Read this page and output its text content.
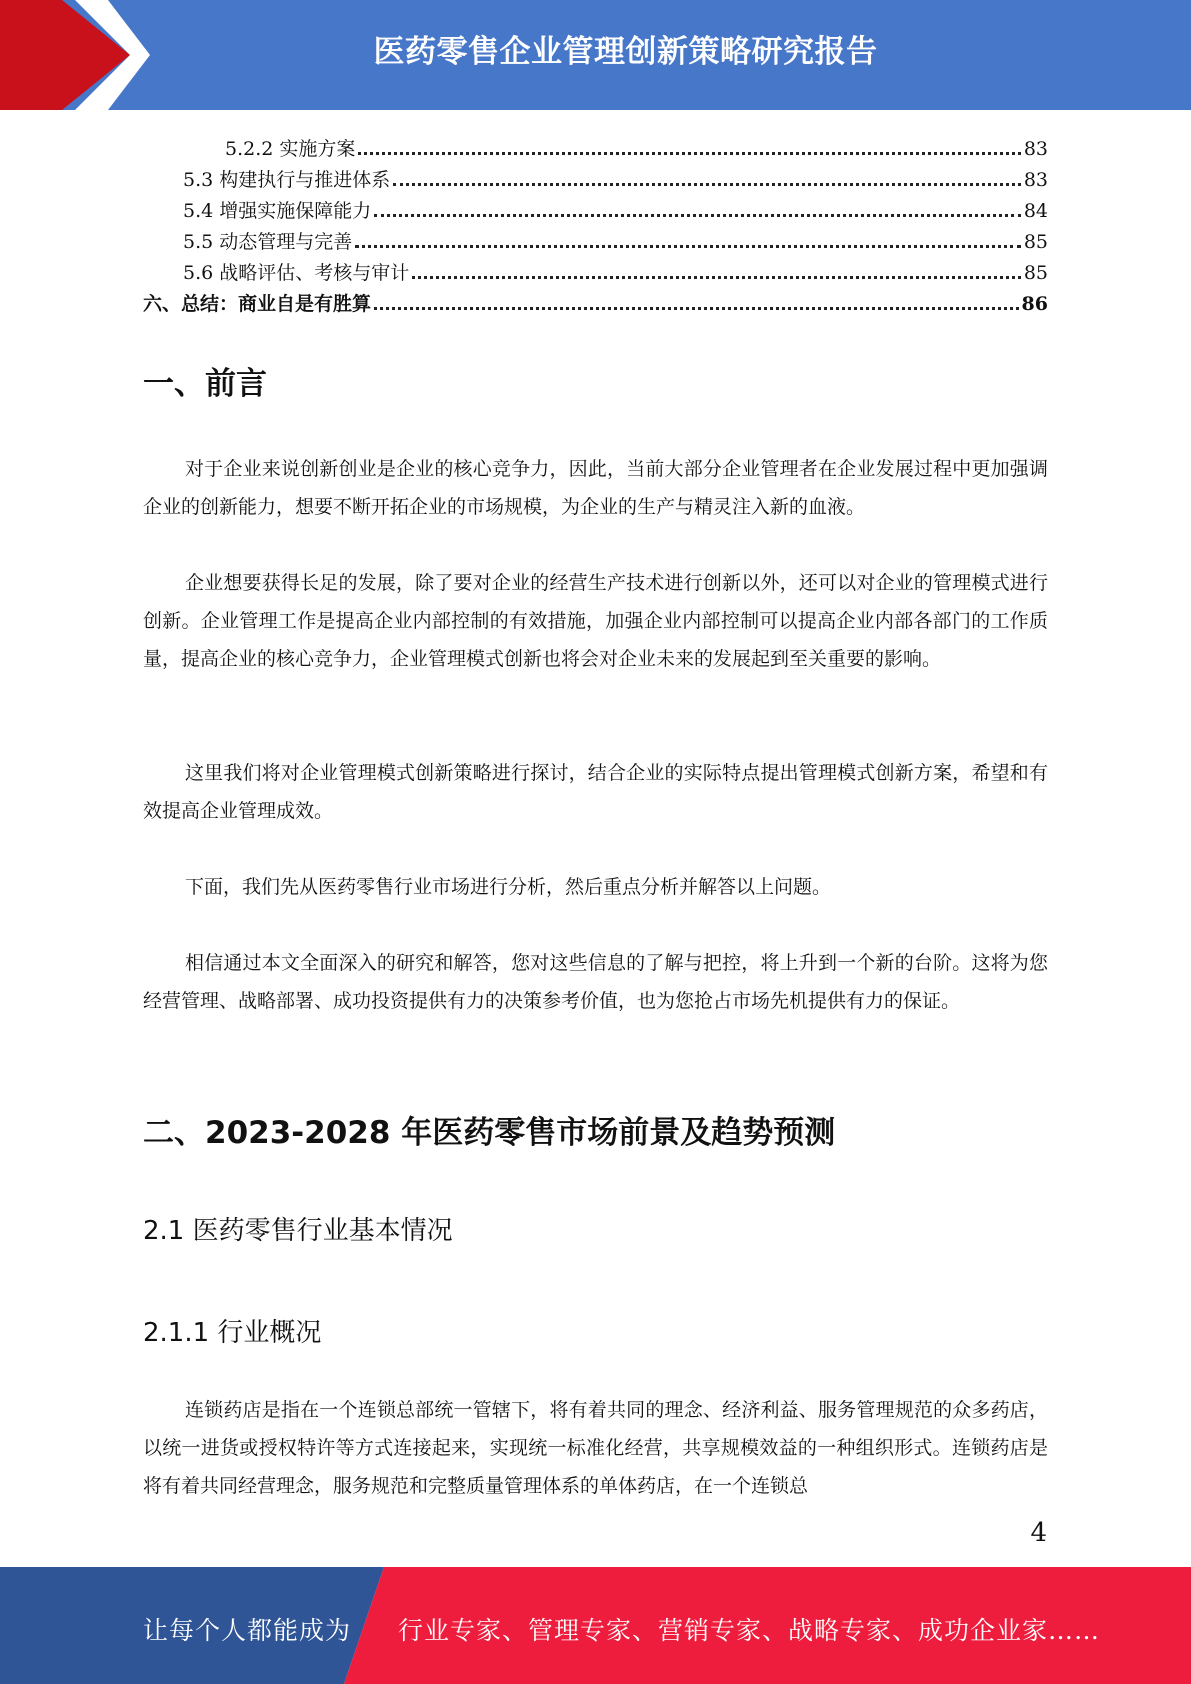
医药零售企业管理创新策略研究报告
5.2.2 实施方案	83
5.3 构建执行与推进体系	83
5.4 增强实施保障能力	84
5.5 动态管理与完善	85
5.6 战略评估、考核与审计	85
六、总结：商业自是有胜算	86
一、前言

对于企业来说创新创业是企业的核心竞争力，因此，当前大部分企业管理者在企业发展过程中更加强调企业的创新能力，想要不断开拓企业的市场规模，为企业的生产与精灵注入新的血液。

企业想要获得长足的发展，除了要对企业的经营生产技术进行创新以外，还可以对企业的管理模式进行创新。企业管理工作是提高企业内部控制的有效措施，加强企业内部控制可以提高企业内部各部门的工作质量，提高企业的核心竞争力，企业管理模式创新也将会对企业未来的发展起到至关重要的影响。

这里我们将对企业管理模式创新策略进行探讨，结合企业的实际特点提出管理模式创新方案，希望和有效提高企业管理成效。

下面，我们先从医药零售行业市场进行分析，然后重点分析并解答以上问题。

相信通过本文全面深入的研究和解答，您对这些信息的了解与把控，将上升到一个新的台阶。这将为您经营管理、战略部署、成功投资提供有力的决策参考价值，也为您抢占市场先机提供有力的保证。

二、2023-2028 年医药零售市场前景及趋势预测
2.1 医药零售行业基本情况
2.1.1 行业概况

连锁药店是指在一个连锁总部统一管辖下，将有着共同的理念、经济利益、服务管理规范的众多药店，以统一进货或授权特许等方式连接起来，实现统一标准化经营，共享规模效益的一种组织形式。连锁药店是将有着共同经营理念，服务规范和完整质量管理体系的单体药店，在一个连锁总

4
让每个人都能成为 行业专家、管理专家、营销专家、战略专家、成功企业家……
